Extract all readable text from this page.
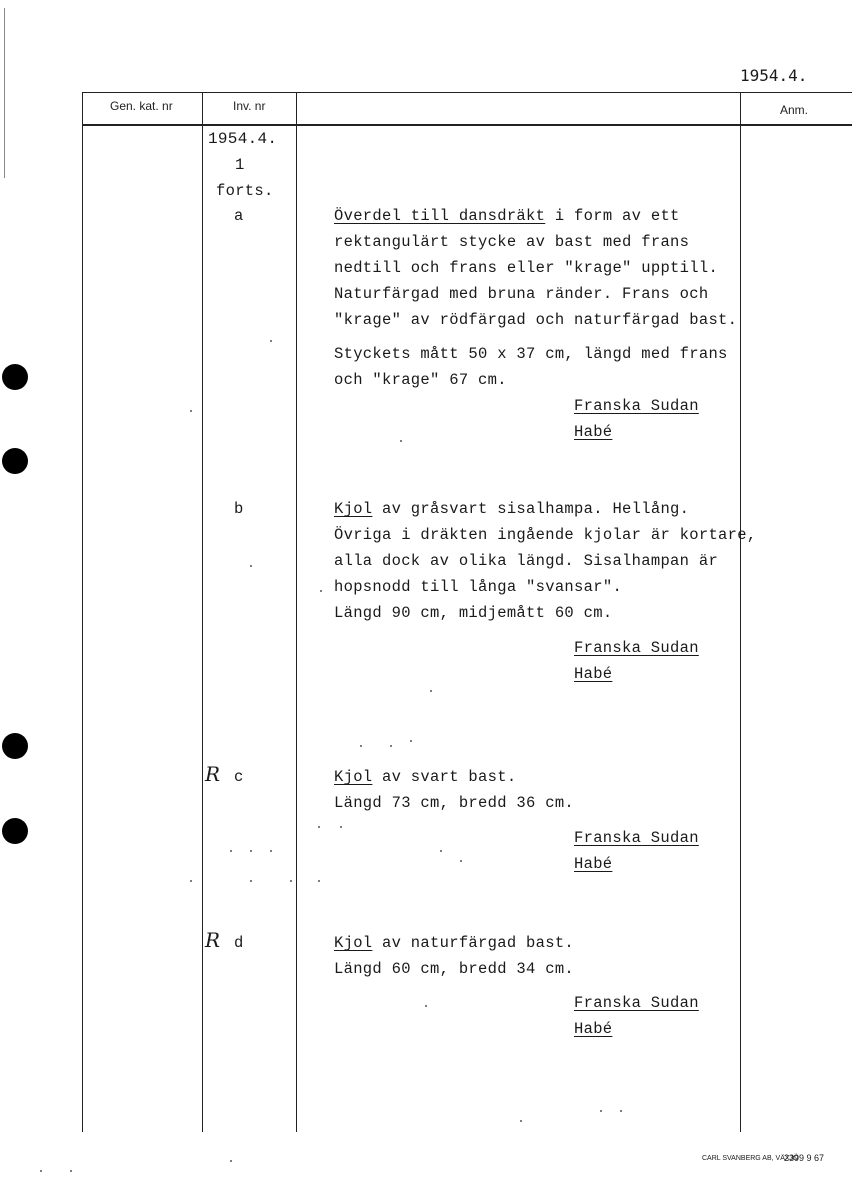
1954.4.
Gen. kat. nr	Inv. nr	Anm.
1954.4.
1
forts.
a	Överdel till dansdräkt i form av ett
rektangulärt stycke av bast med frans
nedtill och frans eller "krage" upptill.
Naturfärgad med bruna ränder. Frans och
"krage" av rödfärgad och naturfärgad bast.
Styckets mått 50 x 37 cm, längd med frans
och "krage" 67 cm.
Franska Sudan
Habé
b	Kjol av gråsvart sisalhampa. Hellång.
Övriga i dräkten ingående kjolar är kortare,
alla dock av olika längd. Sisalhampan är
hopsnodd till långa "svansar".
Längd 90 cm, midjemått 60 cm.
Franska Sudan
Habé
R c	Kjol av svart bast.
Längd 73 cm, bredd 36 cm.
Franska Sudan
Habé
R d	Kjol av naturfärgad bast.
Längd 60 cm, bredd 34 cm.
Franska Sudan
Habé
CARL SVANBERG AB, VÄXJÖ
2399 9 67
